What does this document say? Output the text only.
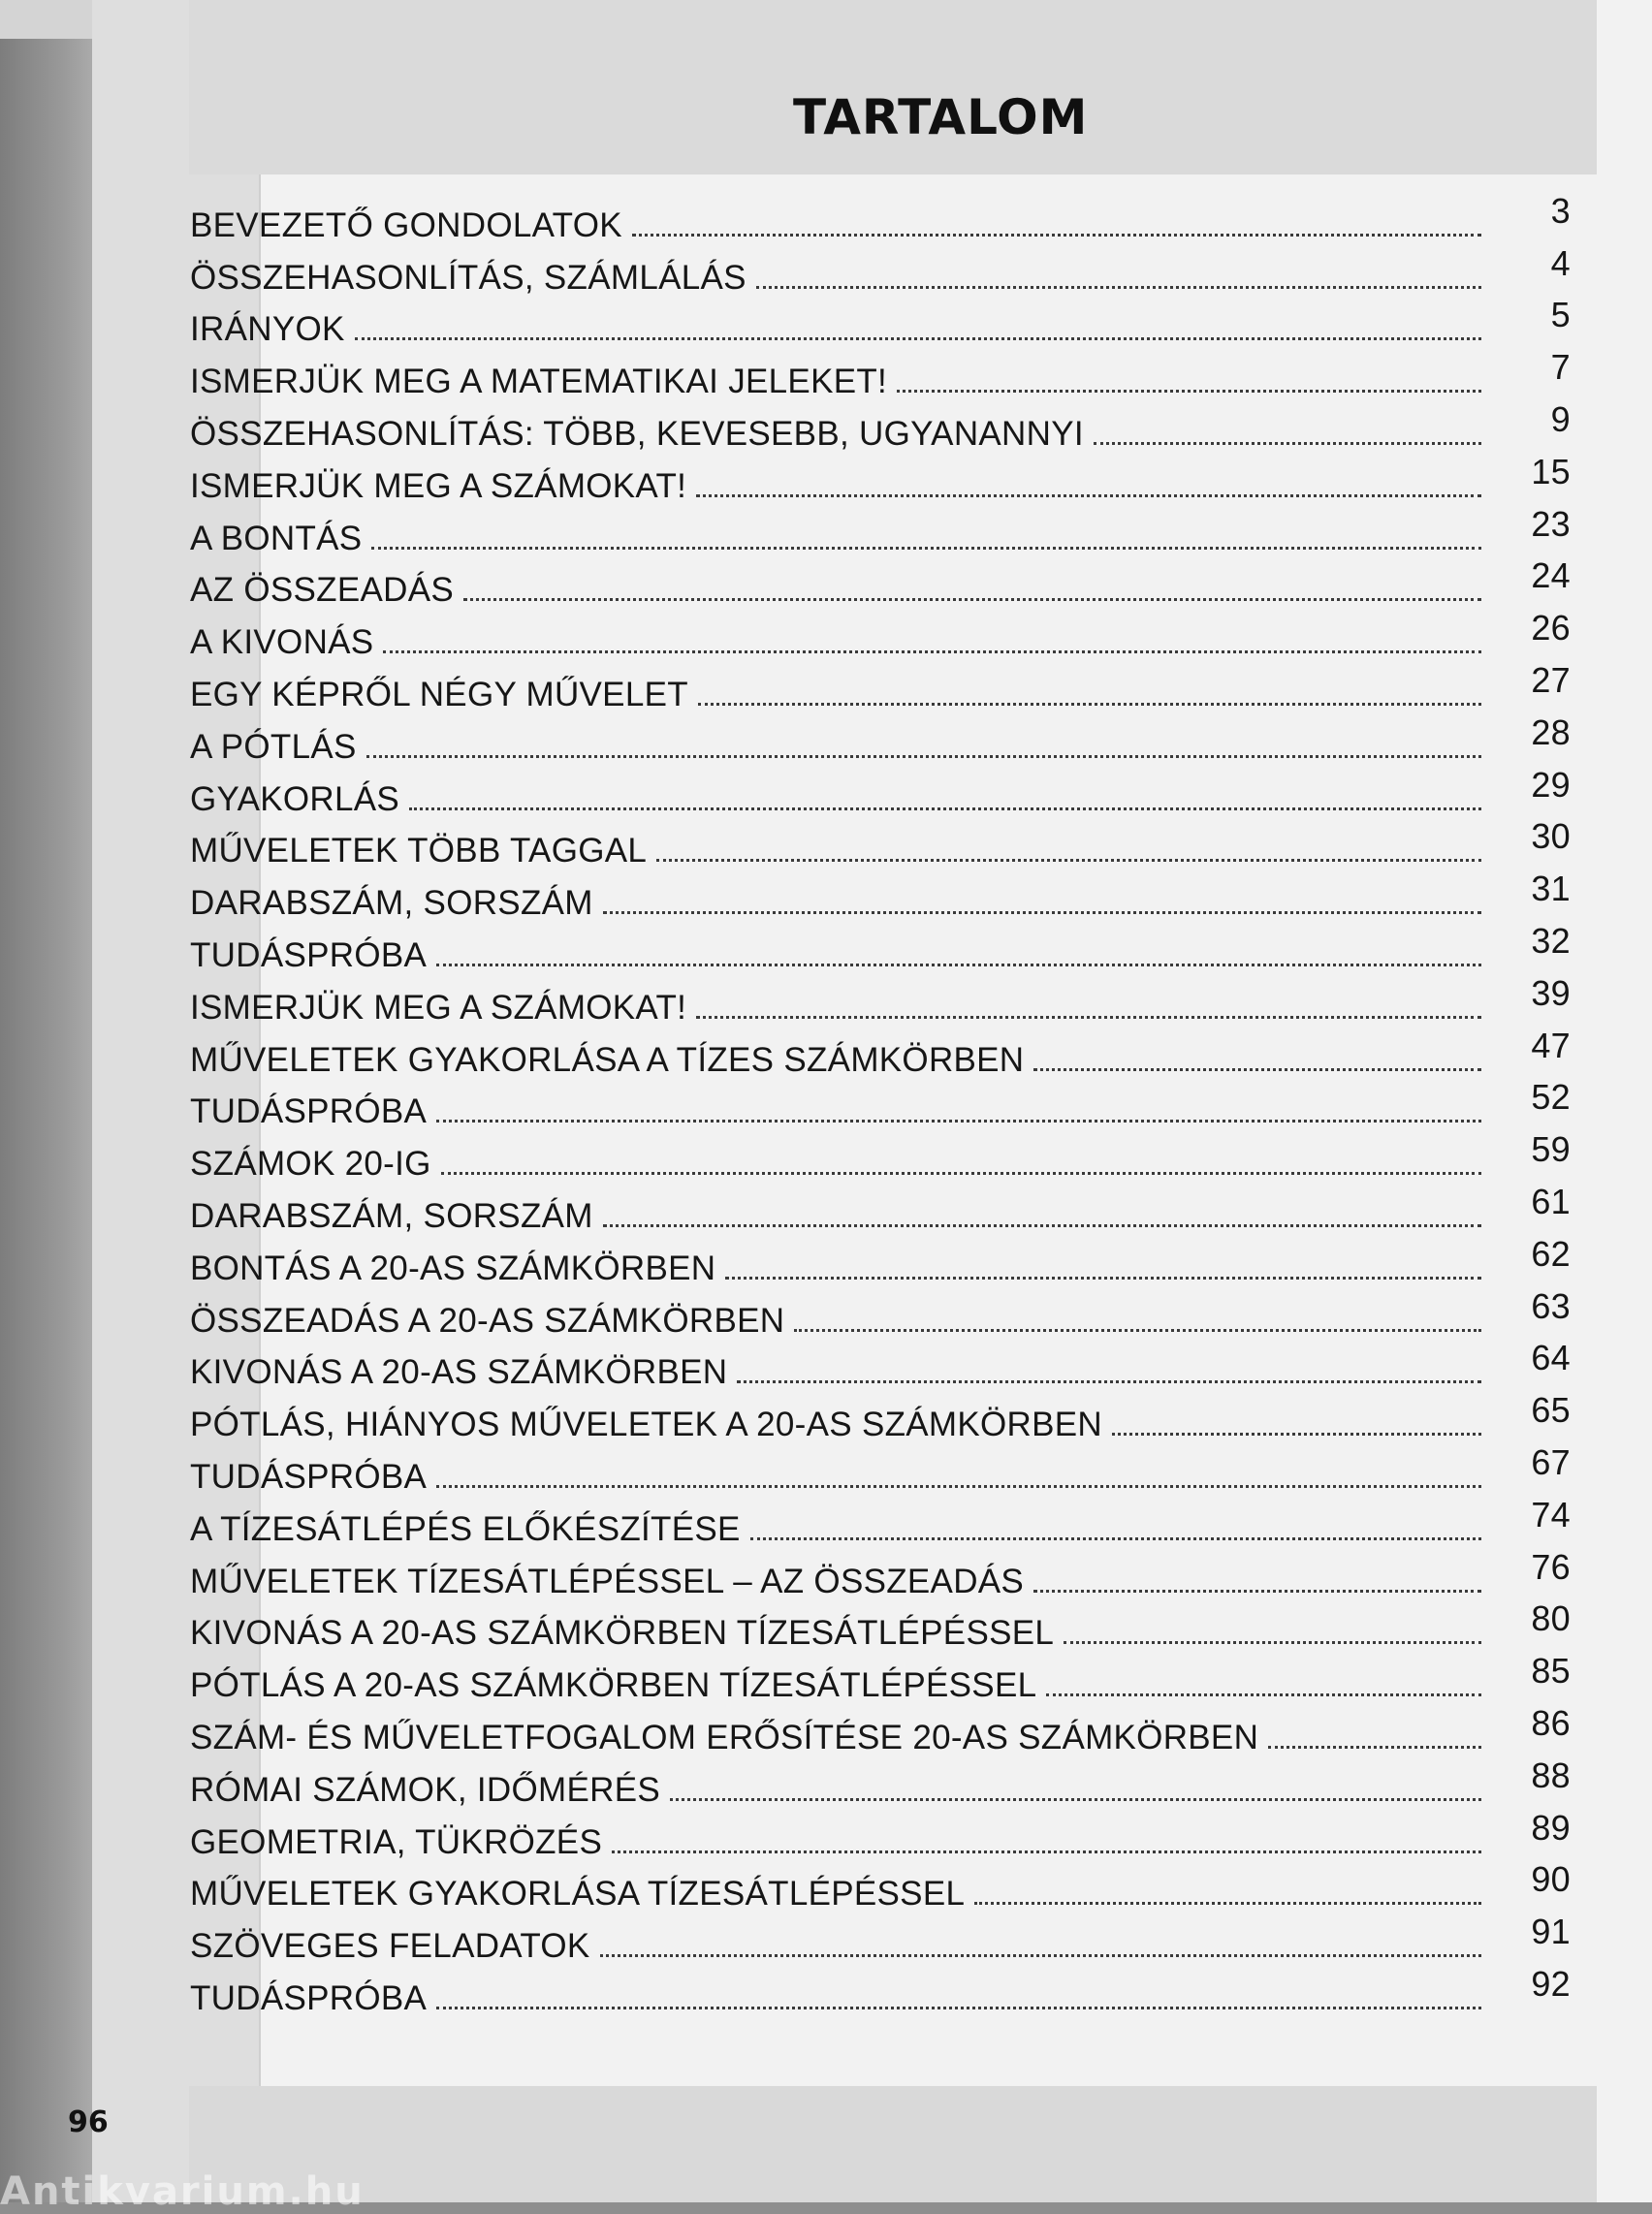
TARTALOM
BEVEZETŐ GONDOLATOK	3
ÖSSZEHASONLÍTÁS, SZÁMLÁLÁS	4
IRÁNYOK	5
ISMERJÜK MEG A MATEMATIKAI JELEKET!	7
ÖSSZEHASONLÍTÁS: TÖBB, KEVESEBB, UGYANANNYI	9
ISMERJÜK MEG A SZÁMOKAT!	15
A BONTÁS	23
AZ ÖSSZEADÁS	24
A KIVONÁS	26
EGY KÉPRŐL NÉGY MŰVELET	27
A PÓTLÁS	28
GYAKORLÁS	29
MŰVELETEK TÖBB TAGGAL	30
DARABSZÁM, SORSZÁM	31
TUDÁSPRÓBA	32
ISMERJÜK MEG A SZÁMOKAT!	39
MŰVELETEK GYAKORLÁSA A TÍZES SZÁMKÖRBEN	47
TUDÁSPRÓBA	52
SZÁMOK 20-IG	59
DARABSZÁM, SORSZÁM	61
BONTÁS A 20-AS SZÁMKÖRBEN	62
ÖSSZEADÁS A 20-AS SZÁMKÖRBEN	63
KIVONÁS A 20-AS SZÁMKÖRBEN	64
PÓTLÁS, HIÁNYOS MŰVELETEK A 20-AS SZÁMKÖRBEN	65
TUDÁSPRÓBA	67
A TÍZESÁTLÉPÉS ELŐKÉSZÍTÉSE	74
MŰVELETEK TÍZESÁTLÉPÉSSEL – AZ ÖSSZEADÁS	76
KIVONÁS A 20-AS SZÁMKÖRBEN TÍZESÁTLÉPÉSSEL	80
PÓTLÁS A 20-AS SZÁMKÖRBEN TÍZESÁTLÉPÉSSEL	85
SZÁM- ÉS MŰVELETFOGALOM ERŐSÍTÉSE 20-AS SZÁMKÖRBEN	86
RÓMAI SZÁMOK, IDŐMÉRÉS	88
GEOMETRIA, TÜKRÖZÉS	89
MŰVELETEK GYAKORLÁSA TÍZESÁTLÉPÉSSEL	90
SZÖVEGES FELADATOK	91
TUDÁSPRÓBA	92
96
Antikvarium.hu
